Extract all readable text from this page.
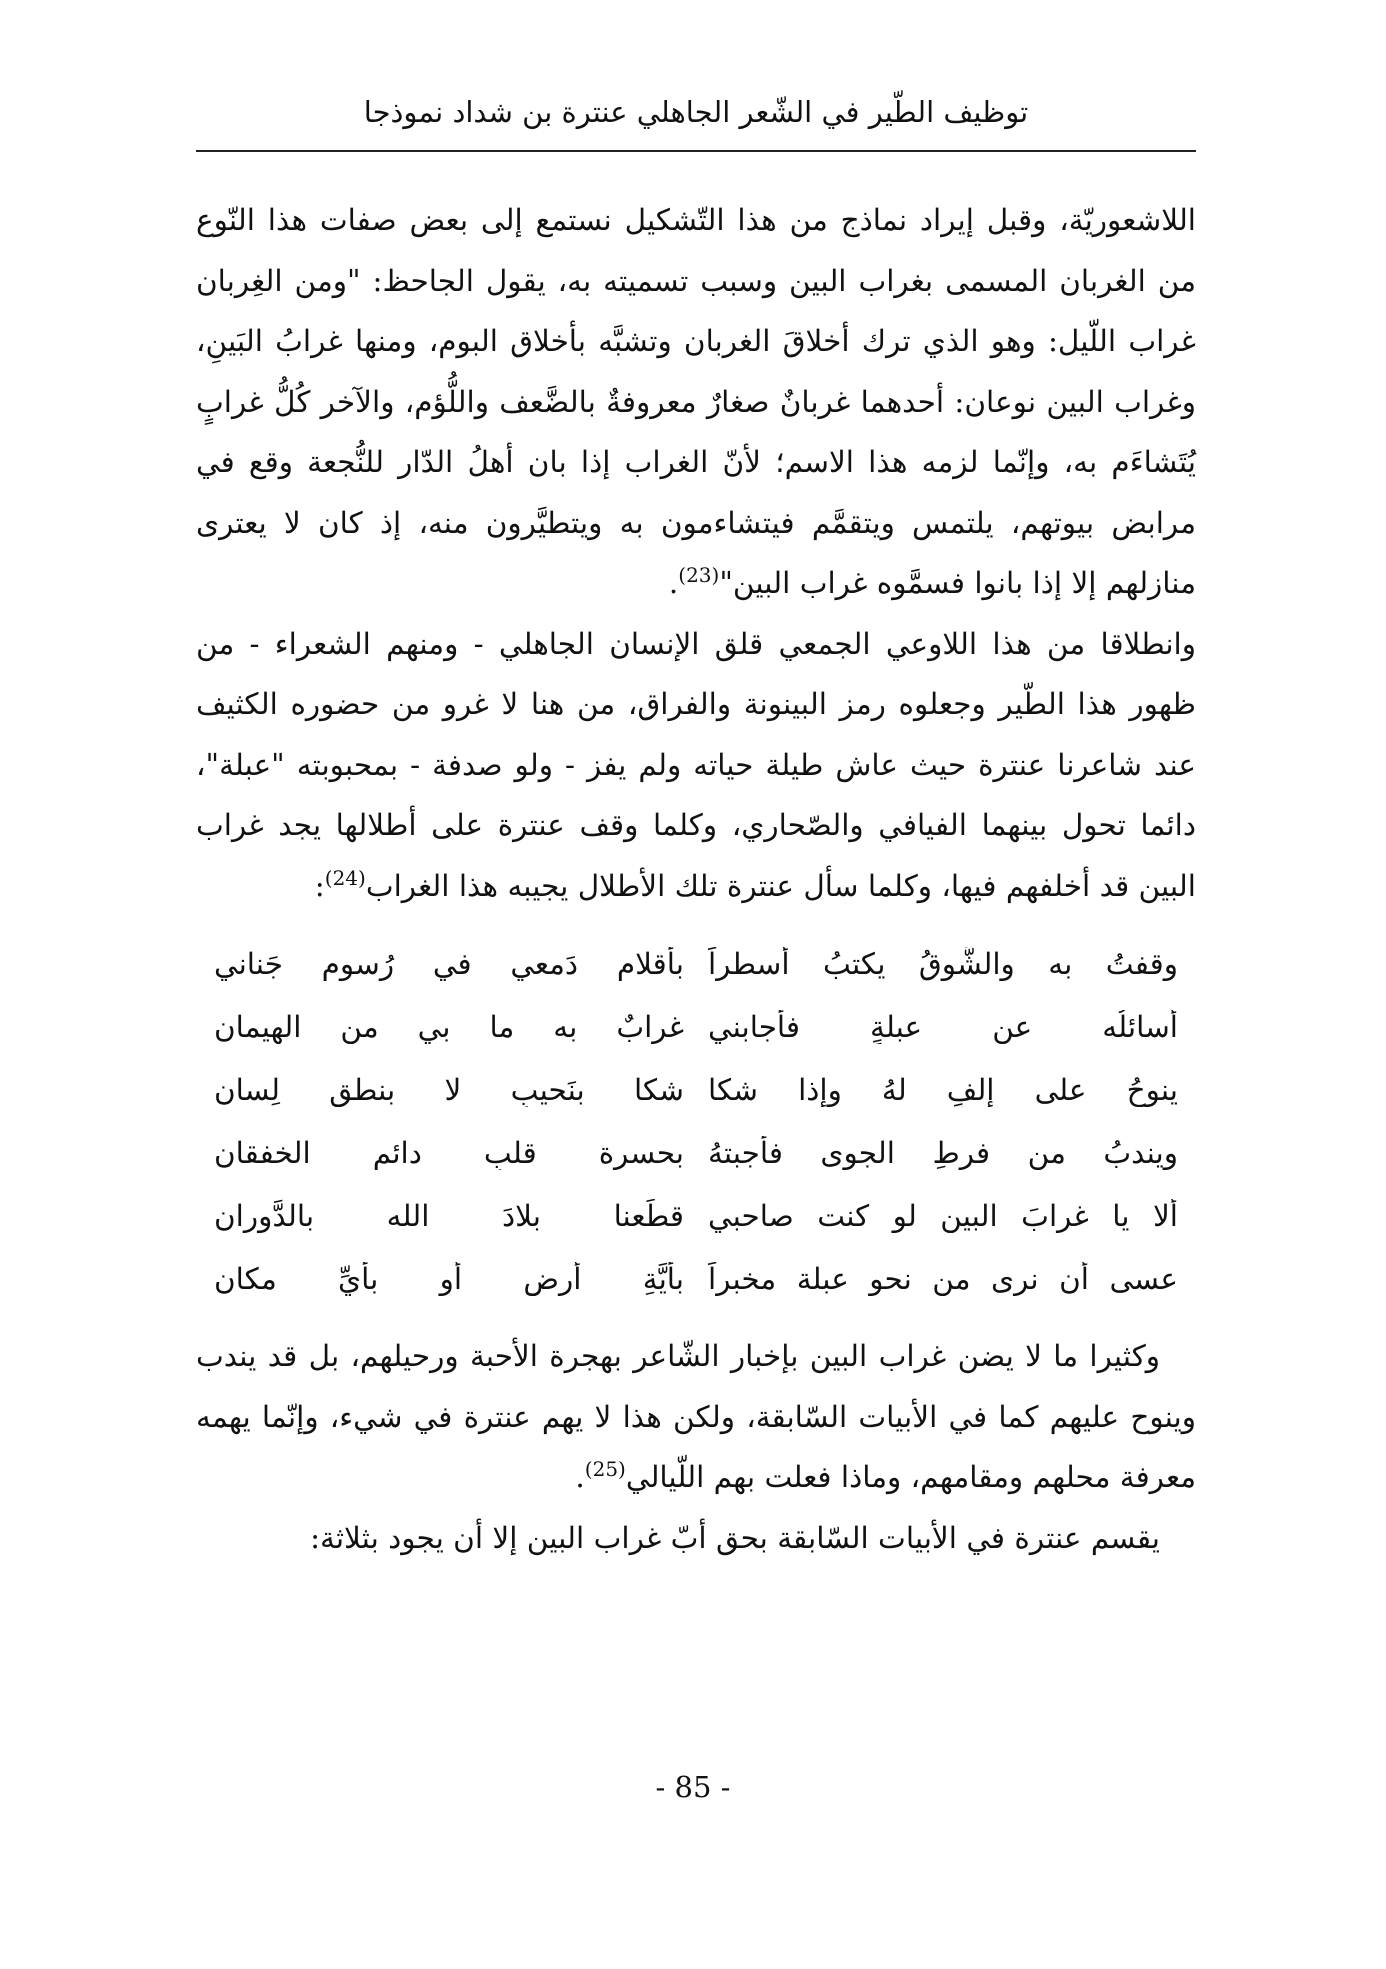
توظيف الطّير في الشّعر الجاهلي عنترة بن شداد نموذجا

اللاشعوريّة، وقبل إيراد نماذج من هذا التّشكيل نستمع إلى بعض صفات هذا النّوع من الغربان المسمى بغراب البين وسبب تسميته به، يقول الجاحظ: "ومن الغِربان غراب اللّيل: وهو الذي ترك أخلاقَ الغربان وتشبَّه بأخلاق البوم، ومنها غرابُ البَينِ، وغراب البين نوعان: أحدهما غربانٌ صغارٌ معروفةٌ بالضَّعف واللُّؤم، والآخر كُلُّ غرابٍ يُتَشاءَم به، وإنّما لزمه هذا الاسم؛ لأنّ الغراب إذا بان أهلُ الدّار للنُّجعة وقع في مرابض بيوتهم، يلتمس ويتقمَّم فيتشاءمون به ويتطيَّرون منه، إذ كان لا يعترى منازلهم إلا إذا بانوا فسمَّوه غراب البين"$^{(23)}$.

وانطلاقا من هذا اللاوعي الجمعي قلق الإنسان الجاهلي - ومنهم الشعراء - من ظهور هذا الطّير وجعلوه رمز البينونة والفراق، من هنا لا غرو من حضوره الكثيف عند شاعرنا عنترة حيث عاش طيلة حياته ولم يفز - ولو صدفة - بمحبوبته "عبلة"، دائما تحول بينهما الفيافي والصّحاري، وكلما وقف عنترة على أطلالها يجد غراب البين قد أخلفهم فيها، وكلما سأل عنترة تلك الأطلال يجيبه هذا الغراب$^{(24)}$:

وقفتُ به والشَّوقُ يكتبُ أسطراً
بأقلامِ دَمعي في رُسوم جَناني
أُسائلُه عن عبلةٍ فأَجابني
غرابٌ به ما بي من الهيمان
ينوحُ على إلفٍ لهُ وإذا شكا
شكا بنَحيبٍ لا بنطق لِسان
ويندبُ من فرطِ الجوى فأجبتهُ
بحسرة قلبٍ دائم الخفقان
ألا يا غرابَ البين لو كنت صاحبي
قطَعنا بلادَ الله بالدَّوران
عسى أن نرى من نحو عبلة مخبراً
بأيَّةِ أرضٍ أو بأيِّ مكان

وكثيرا ما لا يضن غراب البين بإخبار الشّاعر بهجرة الأحبة ورحيلهم، بل قد يندب وينوح عليهم كما في الأبيات السّابقة، ولكن هذا لا يهم عنترة في شيء، وإنّما يهمه معرفة محلهم ومقامهم، وماذا فعلت بهم اللّيالي$^{(25)}$.

يقسم عنترة في الأبيات السّابقة بحق أبّ غراب البين إلا أن يجود بثلاثة:

- 85 -
